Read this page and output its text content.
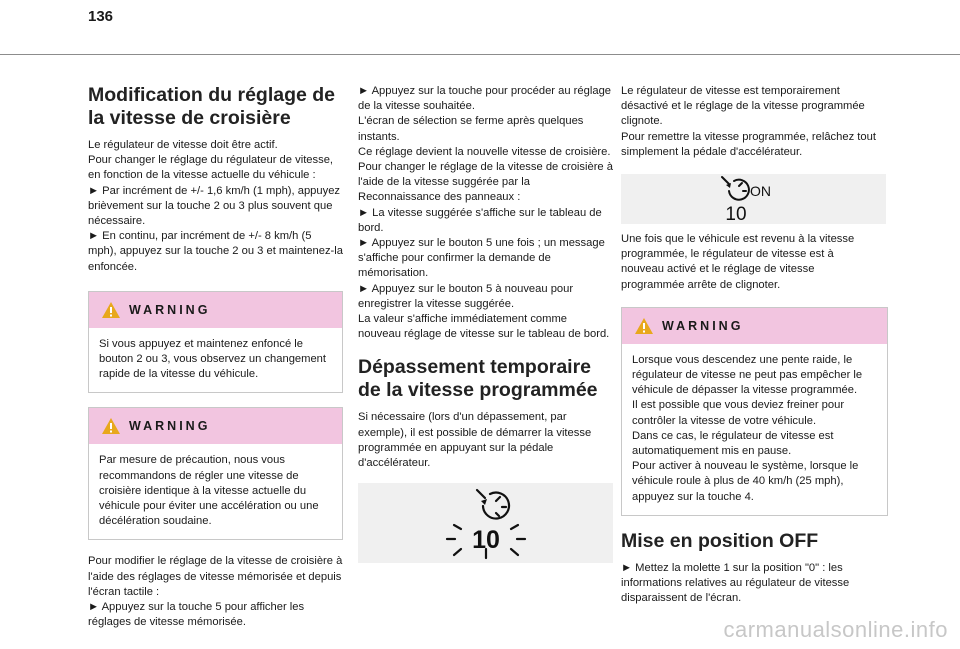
136
Modification du réglage de la vitesse de croisière

Le régulateur de vitesse doit être actif.

Pour changer le réglage du régulateur de vitesse, en fonction de la vitesse actuelle du véhicule :

► Par incrément de +/- 1,6 km/h (1 mph), appuyez brièvement sur la touche 2 ou 3 plus souvent que nécessaire.

► En continu, par incrément de +/- 8 km/h (5 mph), appuyez sur la touche 2 ou 3 et maintenez-la enfoncée.

WARNING
Si vous appuyez et maintenez enfoncé le bouton 2 ou 3, vous observez un changement rapide de la vitesse du véhicule.
WARNING
Par mesure de précaution, nous vous recommandons de régler une vitesse de croisière identique à la vitesse actuelle du véhicule pour éviter une accélération ou une décélération soudaine.

Pour modifier le réglage de la vitesse de croisière à l'aide des réglages de vitesse mémorisée et depuis l'écran tactile :

► Appuyez sur la touche 5 pour afficher les réglages de vitesse mémorisée.

► Appuyez sur la touche pour procéder au réglage de la vitesse souhaitée.

L'écran de sélection se ferme après quelques instants.

Ce réglage devient la nouvelle vitesse de croisière.

Pour changer le réglage de la vitesse de croisière à l'aide de la vitesse suggérée par la Reconnaissance des panneaux :

► La vitesse suggérée s'affiche sur le tableau de bord.

► Appuyez sur le bouton 5 une fois ; un message s'affiche pour confirmer la demande de mémorisation.

► Appuyez sur le bouton 5 à nouveau pour enregistrer la vitesse suggérée.

La valeur s'affiche immédiatement comme nouveau réglage de vitesse sur le tableau de bord.

Dépassement temporaire de la vitesse programmée

Si nécessaire (lors d'un dépassement, par exemple), il est possible de démarrer la vitesse programmée en appuyant sur la pédale d'accélérateur.

10

Le régulateur de vitesse est temporairement désactivé et le réglage de la vitesse programmée clignote.

Pour remettre la vitesse programmée, relâchez tout simplement la pédale d'accélérateur.

ON
10

Une fois que le véhicule est revenu à la vitesse programmée, le régulateur de vitesse est à nouveau activé et le réglage de vitesse programmée arrête de clignoter.

WARNING
Lorsque vous descendez une pente raide, le régulateur de vitesse ne peut pas empêcher le véhicule de dépasser la vitesse programmée.
Il est possible que vous deviez freiner pour contrôler la vitesse de votre véhicule.
Dans ce cas, le régulateur de vitesse est automatiquement mis en pause.
Pour activer à nouveau le système, lorsque le véhicule roule à plus de 40 km/h (25 mph), appuyez sur la touche 4.
Mise en position OFF

► Mettez la molette 1 sur la position "0" : les informations relatives au régulateur de vitesse disparaissent de l'écran.

carmanualsonline.info
